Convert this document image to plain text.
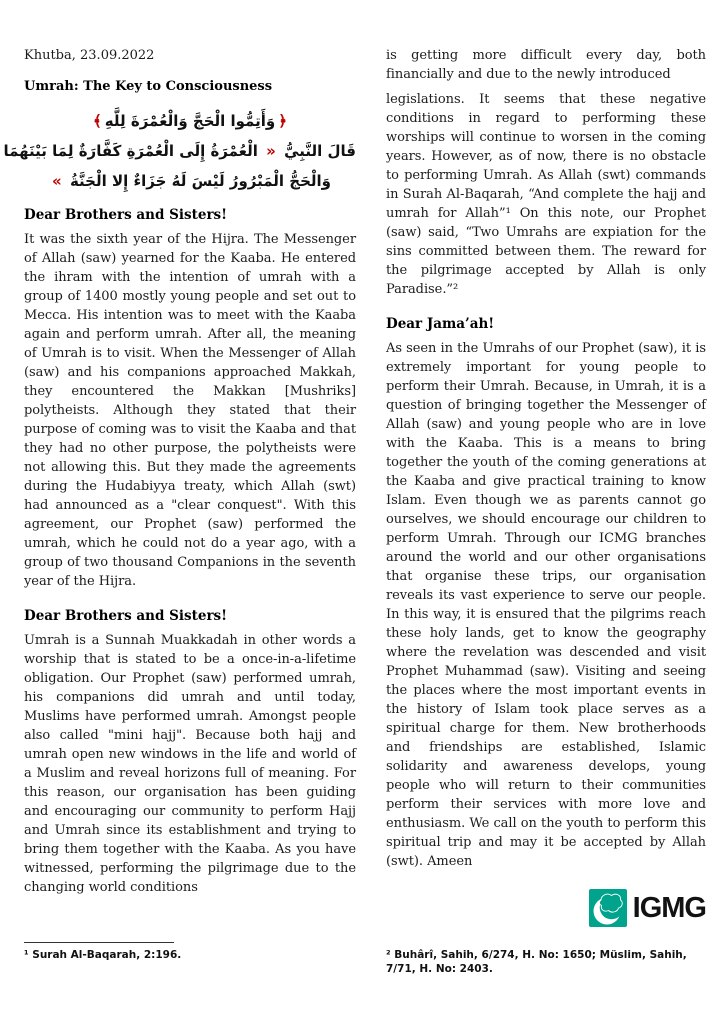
Khutba, 23.09.2022

Umrah: The Key to Consciousness

﴿وَأَتِمُّوا الْحَجَّ وَالْعُمْرَةَ لِلَّهِ﴾
قَالَ النَّبِيُّ « الْعُمْرَةُ إِلَى الْعُمْرَةِ كَفَّارَةٌ لِمَا بَيْنَهُمَا
وَالْحَجُّ الْمَبْرُورُ لَيْسَ لَهُ جَزَاءٌ إِلا الْجَنَّةُ »

Dear Brothers and Sisters!

It was the sixth year of the Hijra. The Messenger of Allah (saw) yearned for the Kaaba. He entered the ihram with the intention of umrah with a group of 1400 mostly young people and set out to Mecca. His intention was to meet with the Kaaba again and perform umrah. After all, the meaning of Umrah is to visit. When the Messenger of Allah (saw) and his companions approached Makkah, they encountered the Makkan [Mushriks] polytheists. Although they stated that their purpose of coming was to visit the Kaaba and that they had no other purpose, the polytheists were not allowing this. But they made the agreements during the Hudabiyya treaty, which Allah (swt) had announced as a "clear conquest". With this agreement, our Prophet (saw) performed the umrah, which he could not do a year ago, with a group of two thousand Companions in the seventh year of the Hijra.

Dear Brothers and Sisters!

Umrah is a Sunnah Muakkadah in other words a worship that is stated to be a once-in-a-lifetime obligation. Our Prophet (saw) performed umrah, his companions did umrah and until today, Muslims have performed umrah. Amongst people also called "mini hajj". Because both hajj and umrah open new windows in the life and world of a Muslim and reveal horizons full of meaning. For this reason, our organisation has been guiding and encouraging our community to perform Hajj and Umrah since its establishment and trying to bring them together with the Kaaba. As you have witnessed, performing the pilgrimage due to the changing world conditions

is getting more difficult every day, both financially and due to the newly introduced

legislations. It seems that these negative conditions in regard to performing these worships will continue to worsen in the coming years. However, as of now, there is no obstacle to performing Umrah. As Allah (swt) commands in Surah Al-Baqarah, “And complete the hajj and umrah for Allah”¹ On this note, our Prophet (saw) said, “Two Umrahs are expiation for the sins committed between them. The reward for the pilgrimage accepted by Allah is only Paradise.”²

Dear Jama’ah!

As seen in the Umrahs of our Prophet (saw), it is extremely important for young people to perform their Umrah. Because, in Umrah, it is a question of bringing together the Messenger of Allah (saw) and young people who are in love with the Kaaba. This is a means to bring together the youth of the coming generations at the Kaaba and give practical training to know Islam. Even though we as parents cannot go ourselves, we should encourage our children to perform Umrah. Through our ICMG branches around the world and our other organisations that organise these trips, our organisation reveals its vast experience to serve our people. In this way, it is ensured that the pilgrims reach these holy lands, get to know the geography where the revelation was descended and visit Prophet Muhammad (saw). Visiting and seeing the places where the most important events in the history of Islam took place serves as a spiritual charge for them. New brotherhoods and friendships are established, Islamic solidarity and awareness develops, young people who will return to their communities perform their services with more love and enthusiasm. We call on the youth to perform this spiritual trip and may it be accepted by Allah (swt). Ameen

IGMG
¹ Surah Al-Baqarah, 2:196.	² Buhârî, Sahih, 6/274, H. No: 1650; Müslim, Sahih, 7/71, H. No: 2403.
